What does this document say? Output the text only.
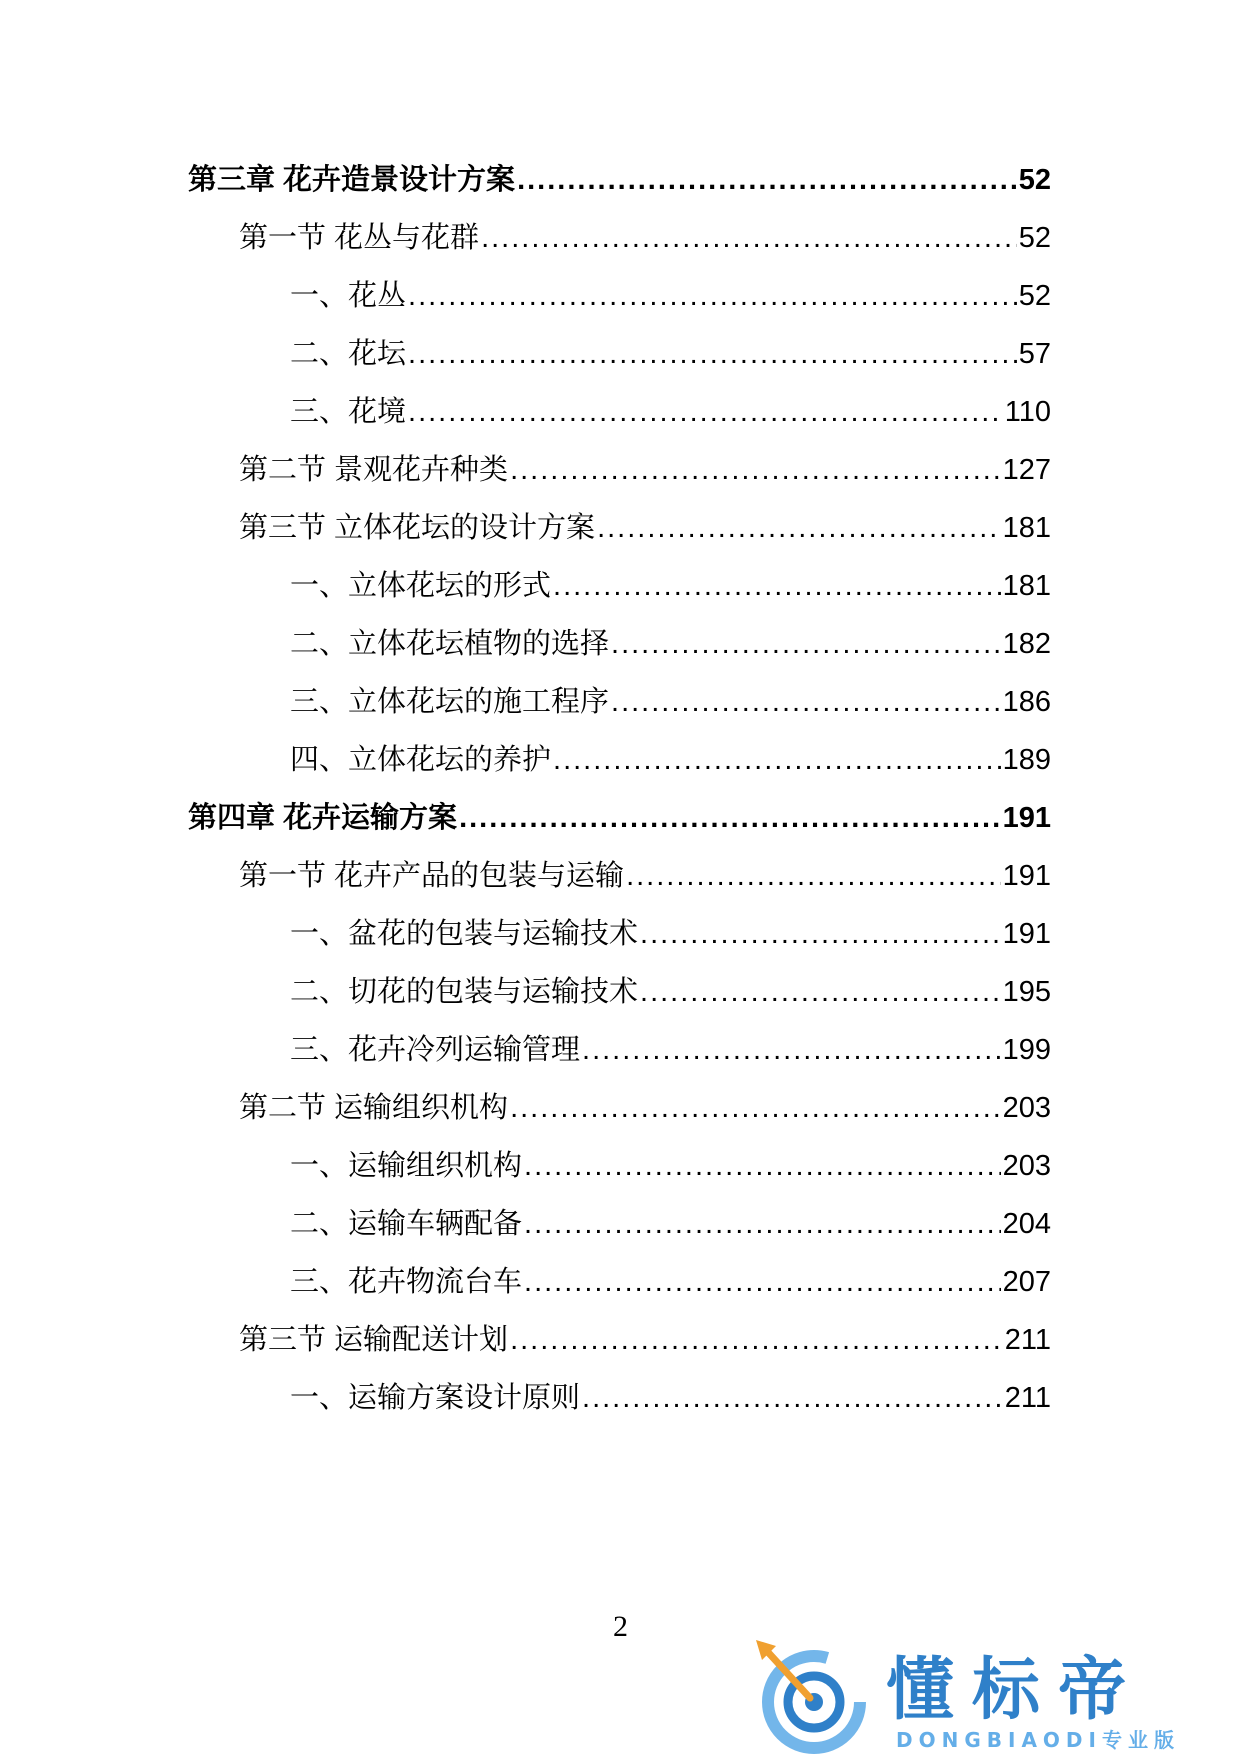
第三章 花卉造景设计方案 .....	52
第一节 花丛与花群 .....	52
一、花丛 .....	52
二、花坛 .....	57
三、花境 .....	110
第二节 景观花卉种类 .....	127
第三节 立体花坛的设计方案 .....	181
一、立体花坛的形式 .....	181
二、立体花坛植物的选择 .....	182
三、立体花坛的施工程序 .....	186
四、立体花坛的养护 .....	189
第四章 花卉运输方案 .....	191
第一节 花卉产品的包装与运输 .....	191
一、盆花的包装与运输技术 .....	191
二、切花的包装与运输技术 .....	195
三、花卉冷列运输管理 .....	199
第二节 运输组织机构 .....	203
一、运输组织机构 .....	203
二、运输车辆配备 .....	204
三、花卉物流台车 .....	207
第三节 运输配送计划 .....	211
一、运输方案设计原则 .....	211
2
懂标帝
DONGBIAODI专业版
